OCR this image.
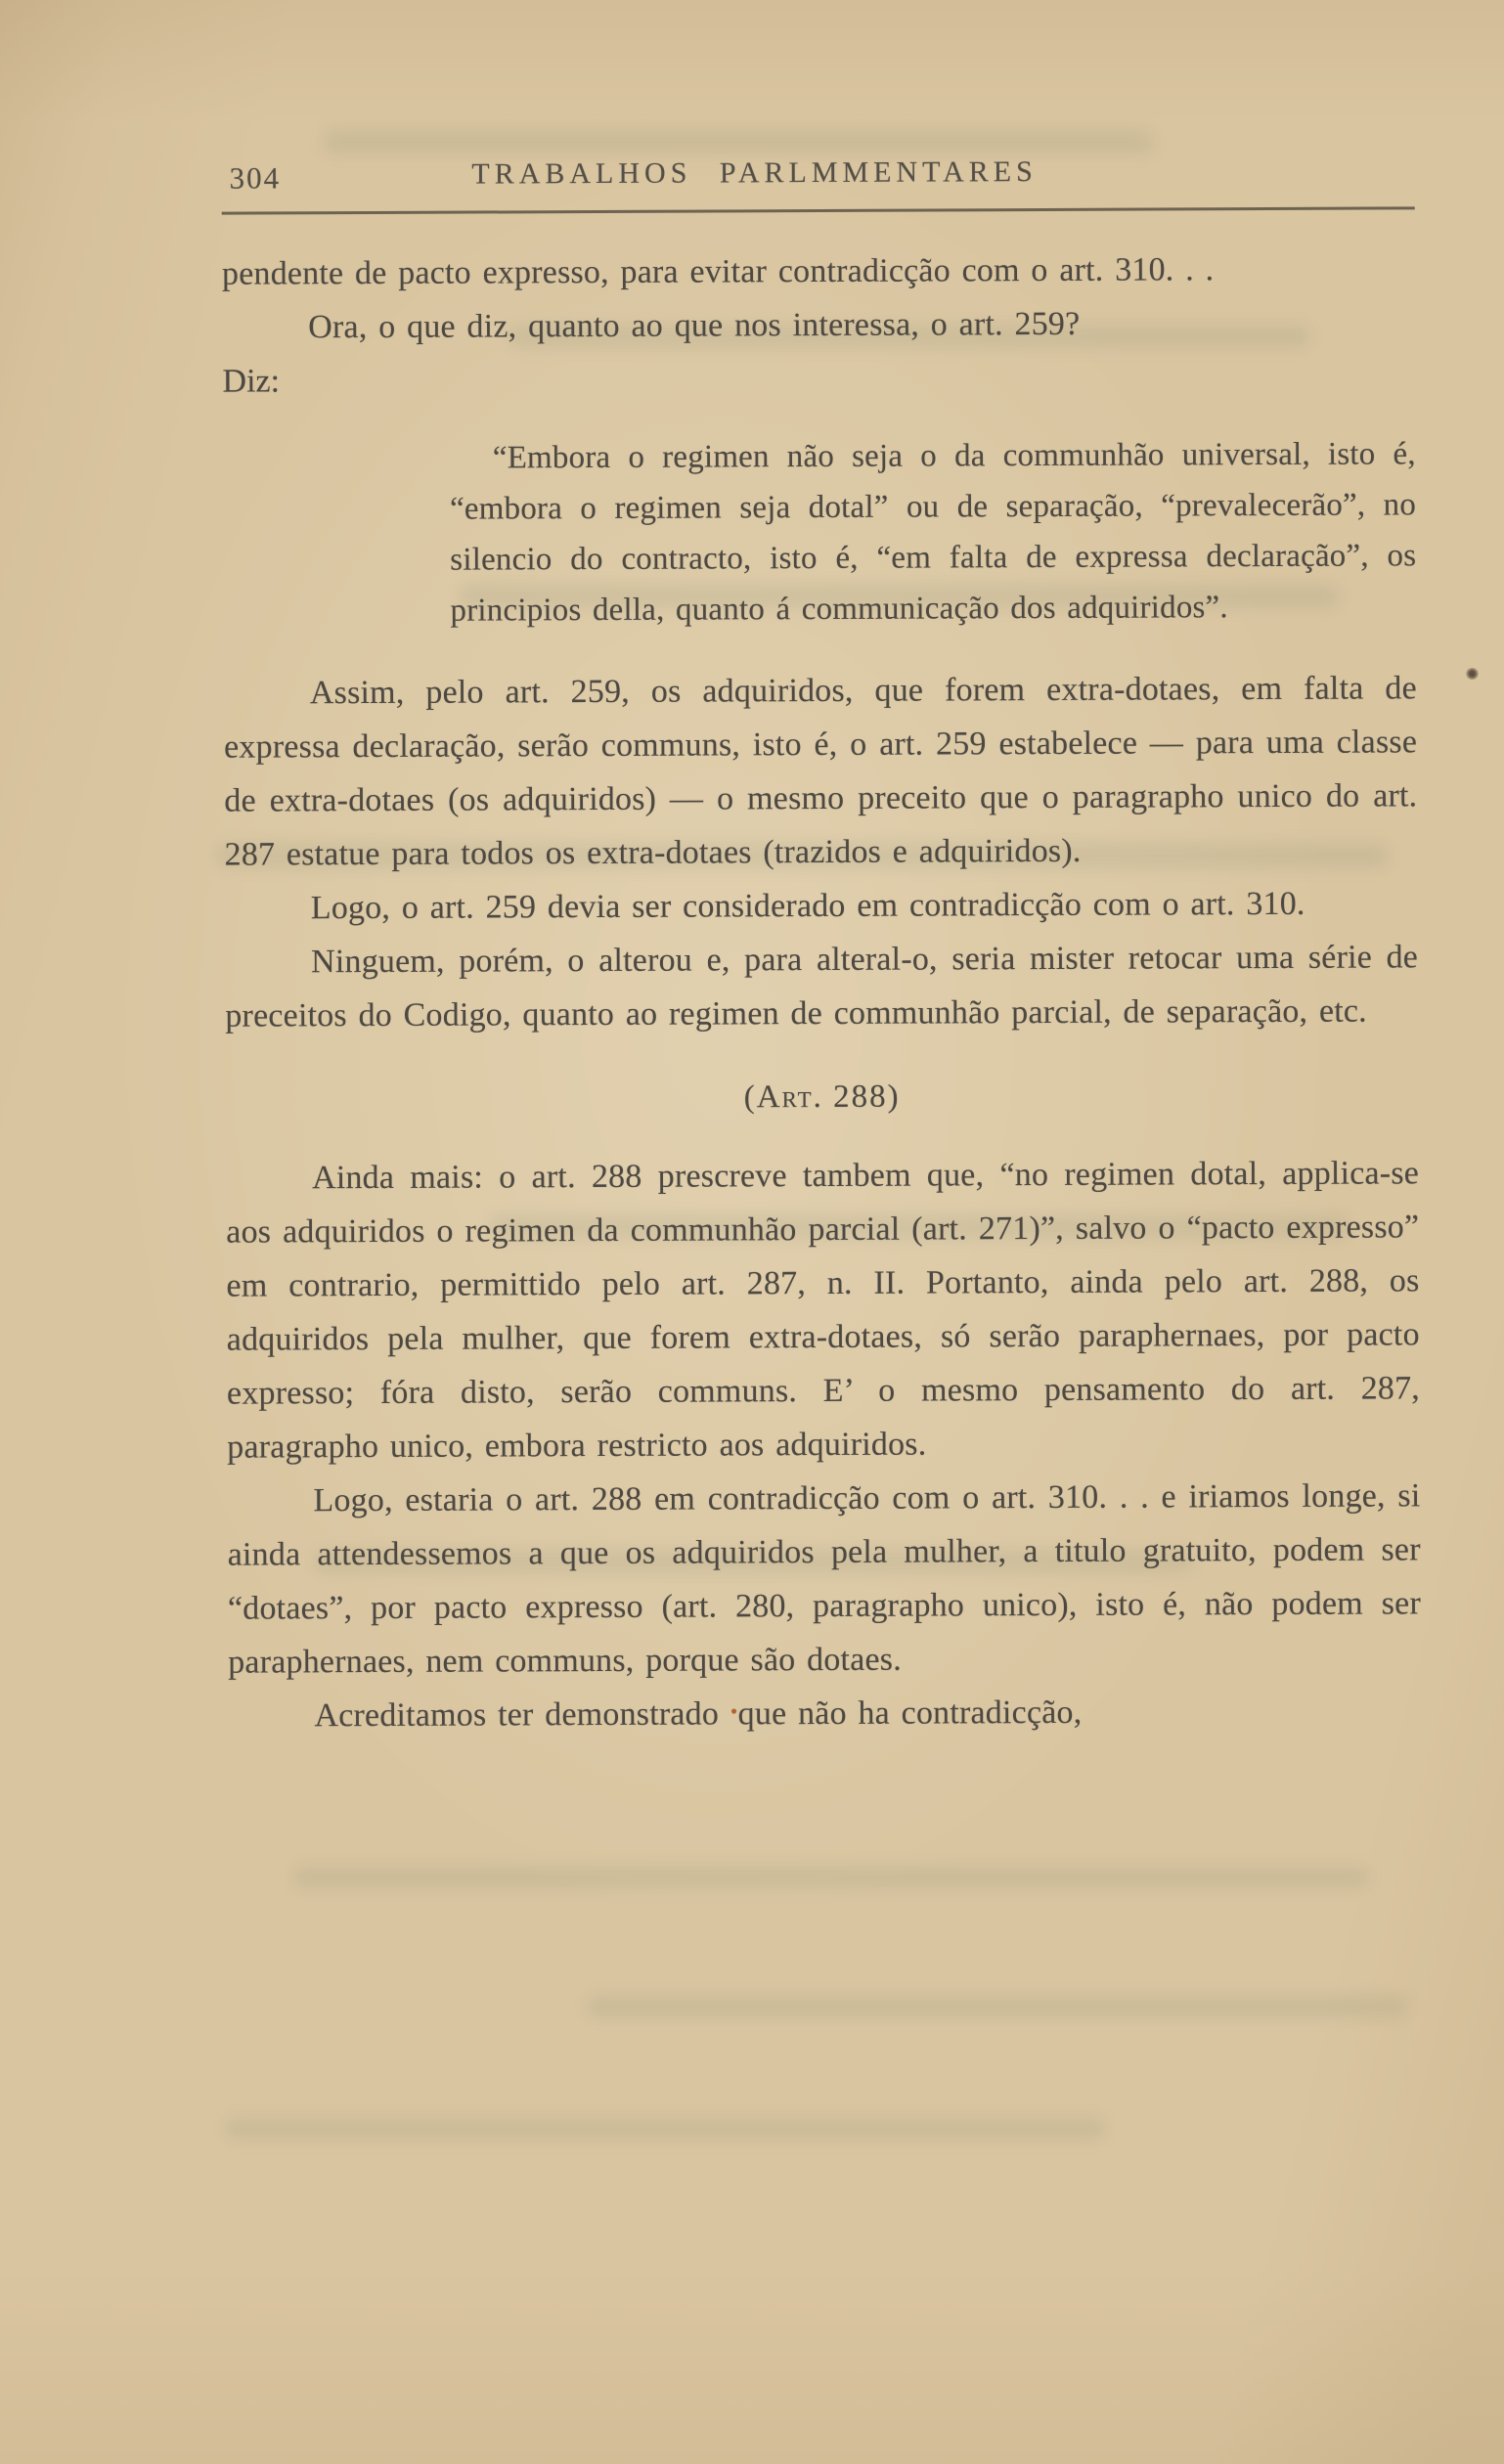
304	TRABALHOS PARLMMENTARES

pendente de pacto expresso, para evitar contradicção com o art. 310. . .

Ora, o que diz, quanto ao que nos interessa, o art. 259?

Diz:

“Embora o regimen não seja o da communhão universal, isto é, “embora o regimen seja dotal” ou de separação, “prevalecerão”, no silencio do contracto, isto é, “em falta de expressa declaração”, os principios della, quanto á communicação dos adquiridos”.

Assim, pelo art. 259, os adquiridos, que forem extra-dotaes, em falta de expressa declaração, serão communs, isto é, o art. 259 estabelece — para uma classe de extra-dotaes (os adquiridos) — o mesmo preceito que o paragrapho unico do art. 287 estatue para todos os extra-dotaes (trazidos e adquiridos).

Logo, o art. 259 devia ser considerado em contradicção com o art. 310.

Ninguem, porém, o alterou e, para alteral-o, seria mister retocar uma série de preceitos do Codigo, quanto ao regimen de communhão parcial, de separação, etc.

(Art. 288)

Ainda mais: o art. 288 prescreve tambem que, “no regimen dotal, applica-se aos adquiridos o regimen da communhão parcial (art. 271)”, salvo o “pacto expresso” em contrario, permittido pelo art. 287, n. II. Portanto, ainda pelo art. 288, os adquiridos pela mulher, que forem extra-dotaes, só serão paraphernaes, por pacto expresso; fóra disto, serão communs. E’ o mesmo pensamento do art. 287, paragrapho unico, embora restricto aos adquiridos.

Logo, estaria o art. 288 em contradicção com o art. 310. . . e iriamos longe, si ainda attendessemos a que os adquiridos pela mulher, a titulo gratuito, podem ser “dotaes”, por pacto expresso (art. 280, paragrapho unico), isto é, não podem ser paraphernaes, nem communs, porque são dotaes.

Acreditamos ter demonstrado •que não ha contradicção,
